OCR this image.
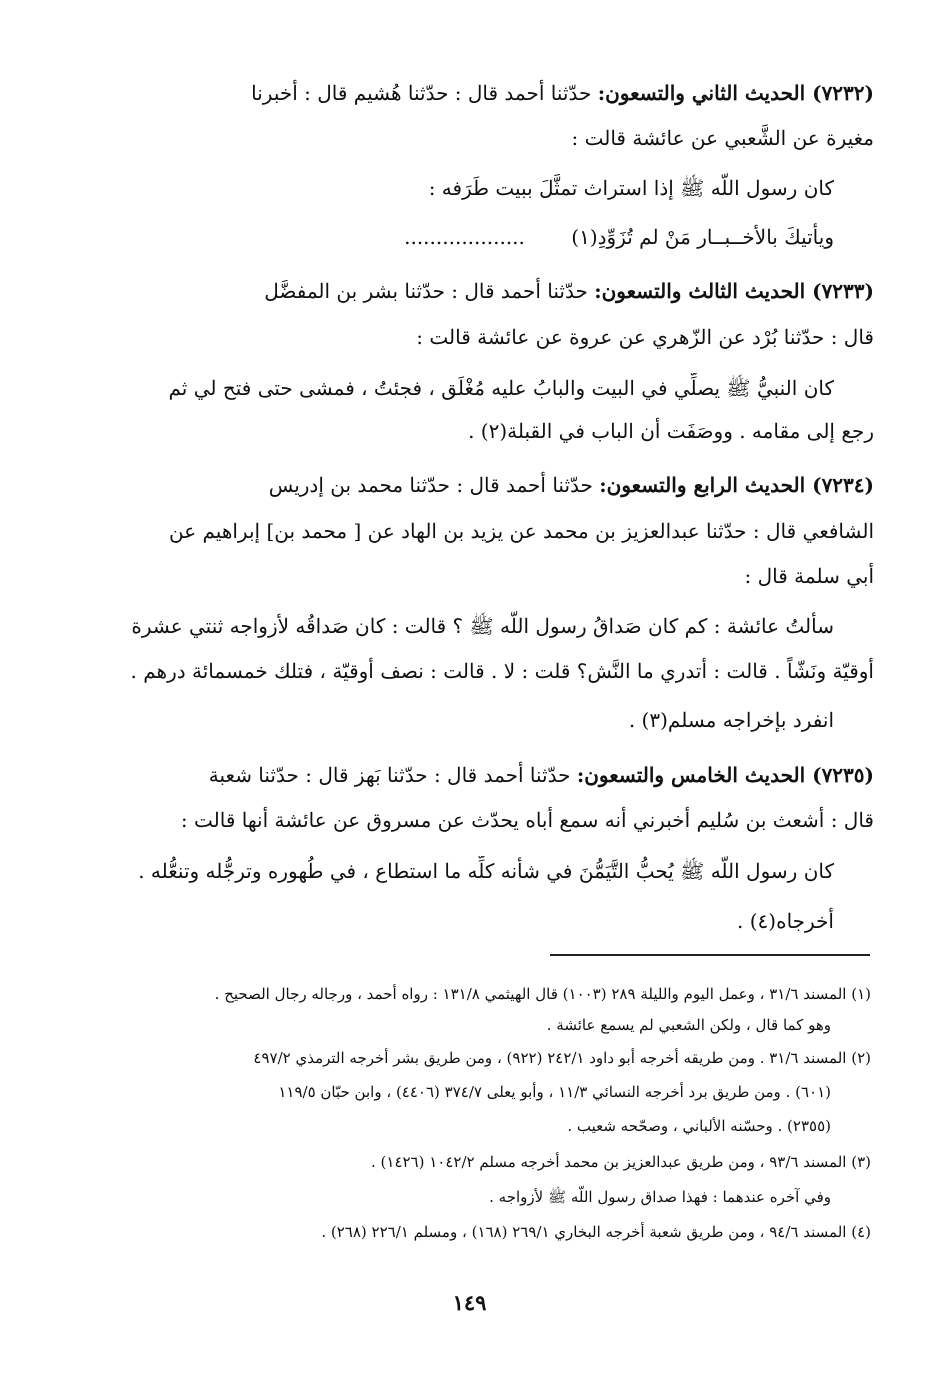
(٧٢٣٢) الحديث الثاني والتسعون: حدّثنا أحمد قال : حدّثنا هُشيم قال : أخبرنا
مغيرة عن الشَّعبي عن عائشة قالت :
كان رسول اللّه ﷺ إذا استراث تمثَّلَ ببيت طَرَفه :
ويأتيكَ بالأخــبــار مَنْ لم تُزَوِّدِ(١) ...................
(٧٢٣٣) الحديث الثالث والتسعون: حدّثنا أحمد قال : حدّثنا بشر بن المفضَّل
قال : حدّثنا بُرْد عن الزّهري عن عروة عن عائشة قالت :
كان النبيُّ ﷺ يصلِّي في البيت والبابُ عليه مُغْلَق ، فجئتُ ، فمشى حتى فتح لي ثم
رجع إلى مقامه . ووصَفَت أن الباب في القبلة(٢) .
(٧٢٣٤) الحديث الرابع والتسعون: حدّثنا أحمد قال : حدّثنا محمد بن إدريس
الشافعي قال : حدّثنا عبدالعزيز بن محمد عن يزيد بن الهاد عن [ محمد بن] إبراهيم عن
أبي سلمة قال :
سألتُ عائشة : كم كان صَداقُ رسول اللّه ﷺ ؟ قالت : كان صَداقُه لأزواجه ثنتي عشرة
أوقيّة ونَشّاً . قالت : أتدري ما النَّش؟ قلت : لا . قالت : نصف أوقيّة ، فتلك خمسمائة درهم .
انفرد بإخراجه مسلم(٣) .
(٧٢٣٥) الحديث الخامس والتسعون: حدّثنا أحمد قال : حدّثنا بَهز قال : حدّثنا شعبة
قال : أشعث بن سُليم أخبرني أنه سمع أباه يحدّث عن مسروق عن عائشة أنها قالت :
كان رسول اللّه ﷺ يُحبُّ التَّيَمُّنَ في شأنه كلِّه ما استطاع ، في طُهوره وترجُّله وتنعُّله .
أخرجاه(٤) .
(١) المسند ٣١/٦ ، وعمل اليوم والليلة ٢٨٩ (١٠٠٣) قال الهيثمي ١٣١/٨ : رواه أحمد ، ورجاله رجال الصحيح .
وهو كما قال ، ولكن الشعبي لم يسمع عائشة .
(٢) المسند ٣١/٦ . ومن طريقه أخرجه أبو داود ٢٤٢/١ (٩٢٢) ، ومن طريق بشر أخرجه الترمذي ٤٩٧/٢
(٦٠١) . ومن طريق برد أخرجه النسائي ١١/٣ ، وأبو يعلى ٣٧٤/٧ (٤٤٠٦) ، وابن حبّان ١١٩/٥
(٢٣٥٥) . وحسّنه الألباني ، وصحّحه شعيب .
(٣) المسند ٩٣/٦ ، ومن طريق عبدالعزيز بن محمد أخرجه مسلم ١٠٤٢/٢ (١٤٢٦) .
وفي آخره عندهما : فهذا صداق رسول اللّه ﷺ لأزواجه .
(٤) المسند ٩٤/٦ ، ومن طريق شعبة أخرجه البخاري ٢٦٩/١ (١٦٨) ، ومسلم ٢٢٦/١ (٢٦٨) .
١٤٩
